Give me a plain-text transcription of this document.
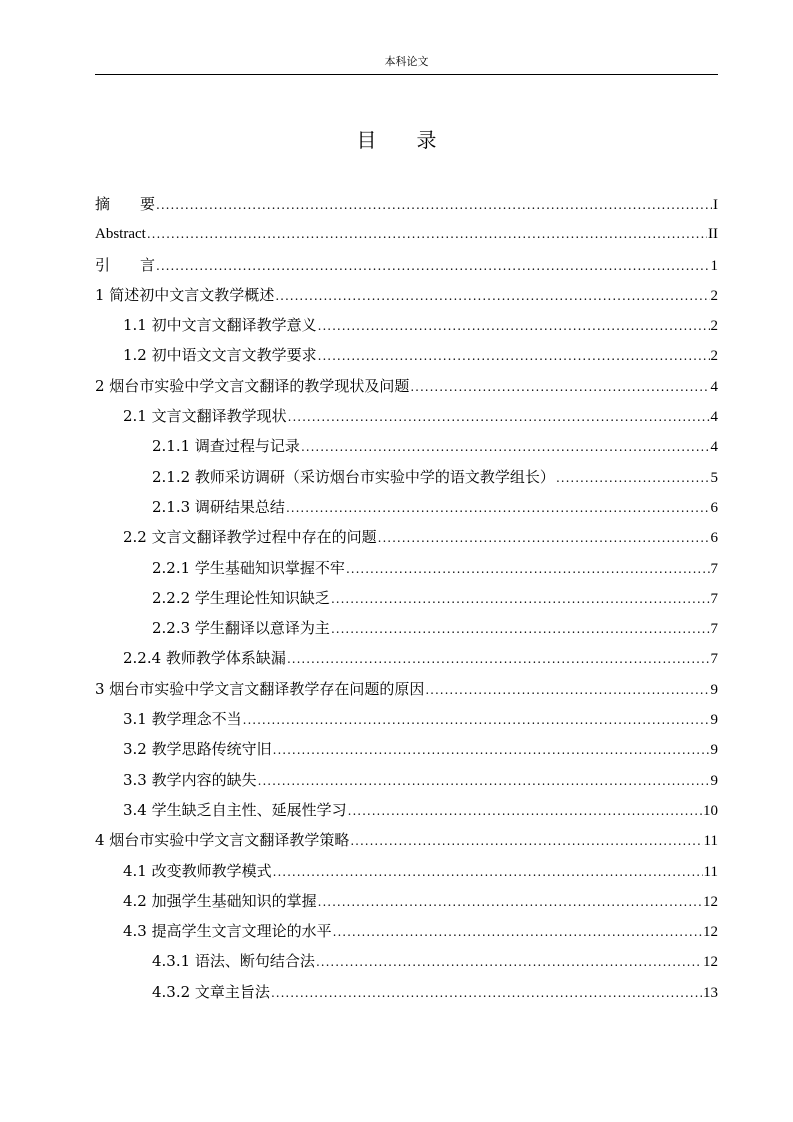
本科论文
目　　录
摘　　要 .....	I
Abstract .....	II
引　　言 .....	1
1 简述初中文言文教学概述 .....	2
1.1 初中文言文翻译教学意义 .....	2
1.2 初中语文文言文教学要求 .....	2
2 烟台市实验中学文言文翻译的教学现状及问题 .....	4
2.1 文言文翻译教学现状 .....	4
2.1.1 调查过程与记录 .....	4
2.1.2 教师采访调研（采访烟台市实验中学的语文教学组长） .....	5
2.1.3 调研结果总结 .....	6
2.2 文言文翻译教学过程中存在的问题 .....	6
2.2.1 学生基础知识掌握不牢 .....	7
2.2.2 学生理论性知识缺乏 .....	7
2.2.3 学生翻译以意译为主 .....	7
2.2.4 教师教学体系缺漏 .....	7
3 烟台市实验中学文言文翻译教学存在问题的原因 .....	9
3.1 教学理念不当 .....	9
3.2 教学思路传统守旧 .....	9
3.3 教学内容的缺失 .....	9
3.4 学生缺乏自主性、延展性学习 .....	10
4 烟台市实验中学文言文翻译教学策略 .....	11
4.1 改变教师教学模式 .....	11
4.2 加强学生基础知识的掌握 .....	12
4.3 提高学生文言文理论的水平 .....	12
4.3.1 语法、断句结合法 .....	12
4.3.2 文章主旨法 .....	13
